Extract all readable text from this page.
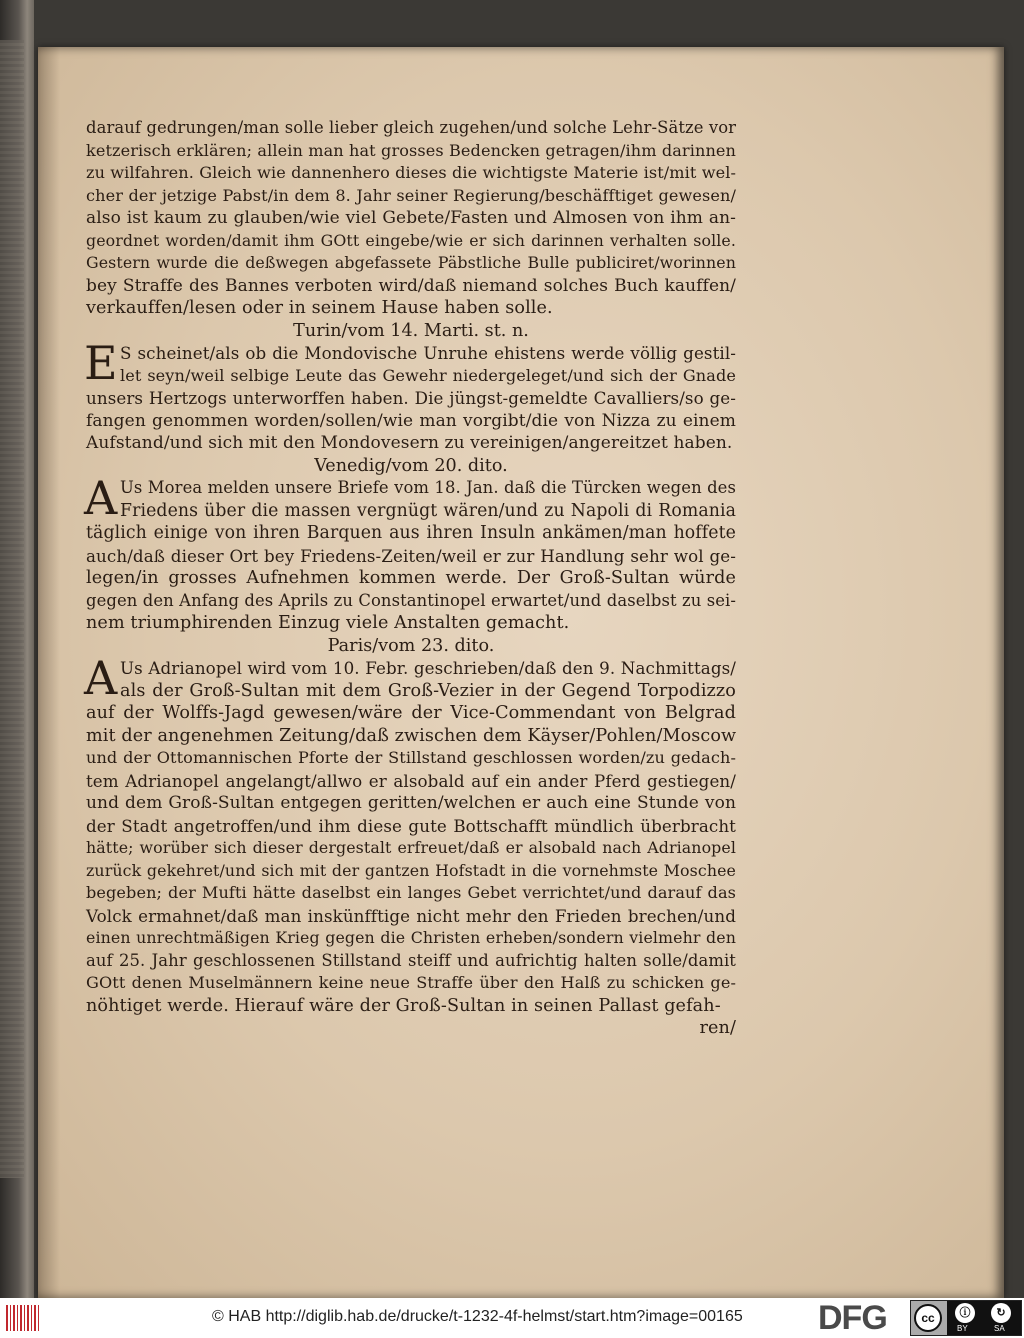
darauf gedrungen/man solle lieber gleich zugehen/und solche Lehr-Sätze vor
ketzerisch erklären; allein man hat grosses Bedencken getragen/ihm darinnen
zu wilfahren. Gleich wie dannenhero dieses die wichtigste Materie ist/mit wel-
cher der jetzige Pabst/in dem 8. Jahr seiner Regierung/beschäfftiget gewesen/
also ist kaum zu glauben/wie viel Gebete/Fasten und Almosen von ihm an-
geordnet worden/damit ihm GOtt eingebe/wie er sich darinnen verhalten solle.
Gestern wurde die deßwegen abgefassete Päbstliche Bulle publiciret/worinnen
bey Straffe des Bannes verboten wird/daß niemand solches Buch kauffen/
verkauffen/lesen oder in seinem Hause haben solle.
Turin/vom 14. Marti. st. n.
E S scheinet/als ob die Mondovische Unruhe ehistens werde völlig gestil-
let seyn/weil selbige Leute das Gewehr niedergeleget/und sich der Gnade
unsers Hertzogs unterworffen haben. Die jüngst-gemeldte Cavalliers/so ge-
fangen genommen worden/sollen/wie man vorgibt/die von Nizza zu einem
Aufstand/und sich mit den Mondovesern zu vereinigen/angereitzet haben.
Venedig/vom 20. dito.
A Us Morea melden unsere Briefe vom 18. Jan. daß die Türcken wegen des
Friedens über die massen vergnügt wären/und zu Napoli di Romania
täglich einige von ihren Barquen aus ihren Insuln ankämen/man hoffete
auch/daß dieser Ort bey Friedens-Zeiten/weil er zur Handlung sehr wol ge-
legen/in grosses Aufnehmen kommen werde. Der Groß-Sultan würde
gegen den Anfang des Aprils zu Constantinopel erwartet/und daselbst zu sei-
nem triumphirenden Einzug viele Anstalten gemacht.
Paris/vom 23. dito.
A Us Adrianopel wird vom 10. Febr. geschrieben/daß den 9. Nachmittags/
als der Groß-Sultan mit dem Groß-Vezier in der Gegend Torpodizzo
auf der Wolffs-Jagd gewesen/wäre der Vice-Commendant von Belgrad
mit der angenehmen Zeitung/daß zwischen dem Käyser/Pohlen/Moscow
und der Ottomannischen Pforte der Stillstand geschlossen worden/zu gedach-
tem Adrianopel angelangt/allwo er alsobald auf ein ander Pferd gestiegen/
und dem Groß-Sultan entgegen geritten/welchen er auch eine Stunde von
der Stadt angetroffen/und ihm diese gute Bottschafft mündlich überbracht
hätte; worüber sich dieser dergestalt erfreuet/daß er alsobald nach Adrianopel
zurück gekehret/und sich mit der gantzen Hofstadt in die vornehmste Moschee
begeben; der Mufti hätte daselbst ein langes Gebet verrichtet/und darauf das
Volck ermahnet/daß man inskünfftige nicht mehr den Frieden brechen/und
einen unrechtmäßigen Krieg gegen die Christen erheben/sondern vielmehr den
auf 25. Jahr geschlossenen Stillstand steiff und aufrichtig halten solle/damit
GOtt denen Muselmännern keine neue Straffe über den Halß zu schicken ge-
nöhtiget werde. Hierauf wäre der Groß-Sultan in seinen Pallast gefah-
ren/
© HAB http://diglib.hab.de/drucke/t-1232-4f-helmst/start.htm?image=00165 DFG	cc	ⓘ	↻
BY	SA
